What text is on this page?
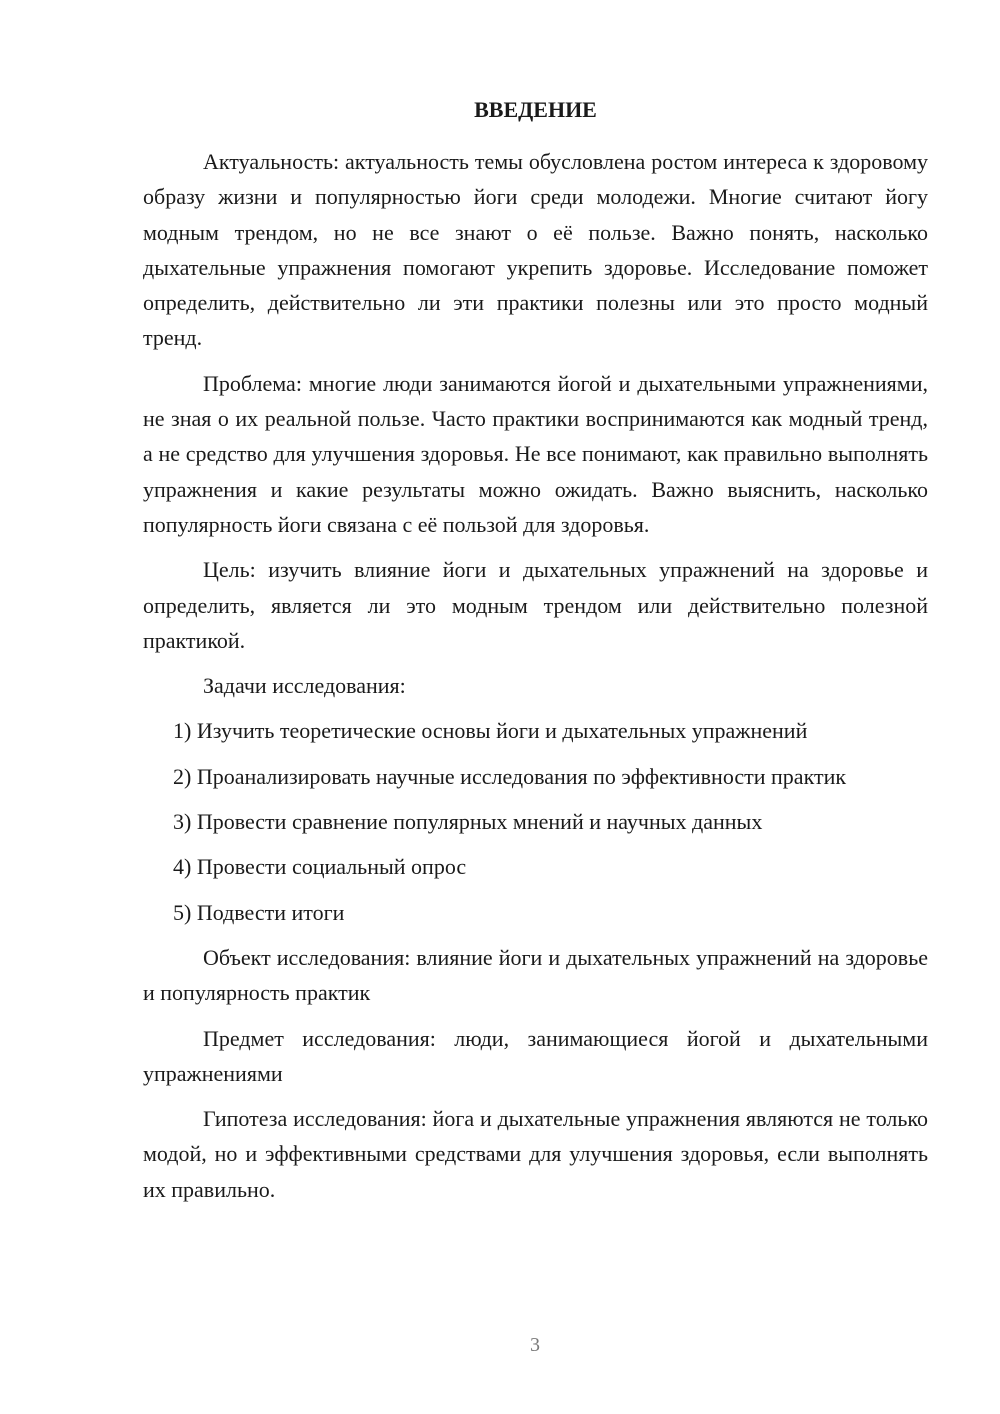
ВВЕДЕНИЕ

Актуальность: актуальность темы обусловлена ростом интереса к здоровому образу жизни и популярностью йоги среди молодежи. Многие считают йогу модным трендом, но не все знают о её пользе. Важно понять, насколько дыхательные упражнения помогают укрепить здоровье. Исследование поможет определить, действительно ли эти практики полезны или это просто модный тренд.

Проблема: многие люди занимаются йогой и дыхательными упражнениями, не зная о их реальной пользе. Часто практики воспринимаются как модный тренд, а не средство для улучшения здоровья. Не все понимают, как правильно выполнять упражнения и какие результаты можно ожидать. Важно выяснить, насколько популярность йоги связана с её пользой для здоровья.

Цель: изучить влияние йоги и дыхательных упражнений на здоровье и определить, является ли это модным трендом или действительно полезной практикой.

Задачи исследования:

1) Изучить теоретические основы йоги и дыхательных упражнений

2) Проанализировать научные исследования по эффективности практик

3) Провести сравнение популярных мнений и научных данных

4) Провести социальный опрос

5) Подвести итоги

Объект исследования: влияние йоги и дыхательных упражнений на здоровье и популярность практик

Предмет исследования: люди, занимающиеся йогой и дыхательными упражнениями

Гипотеза исследования: йога и дыхательные упражнения являются не только модой, но и эффективными средствами для улучшения здоровья, если выполнять их правильно.

3
